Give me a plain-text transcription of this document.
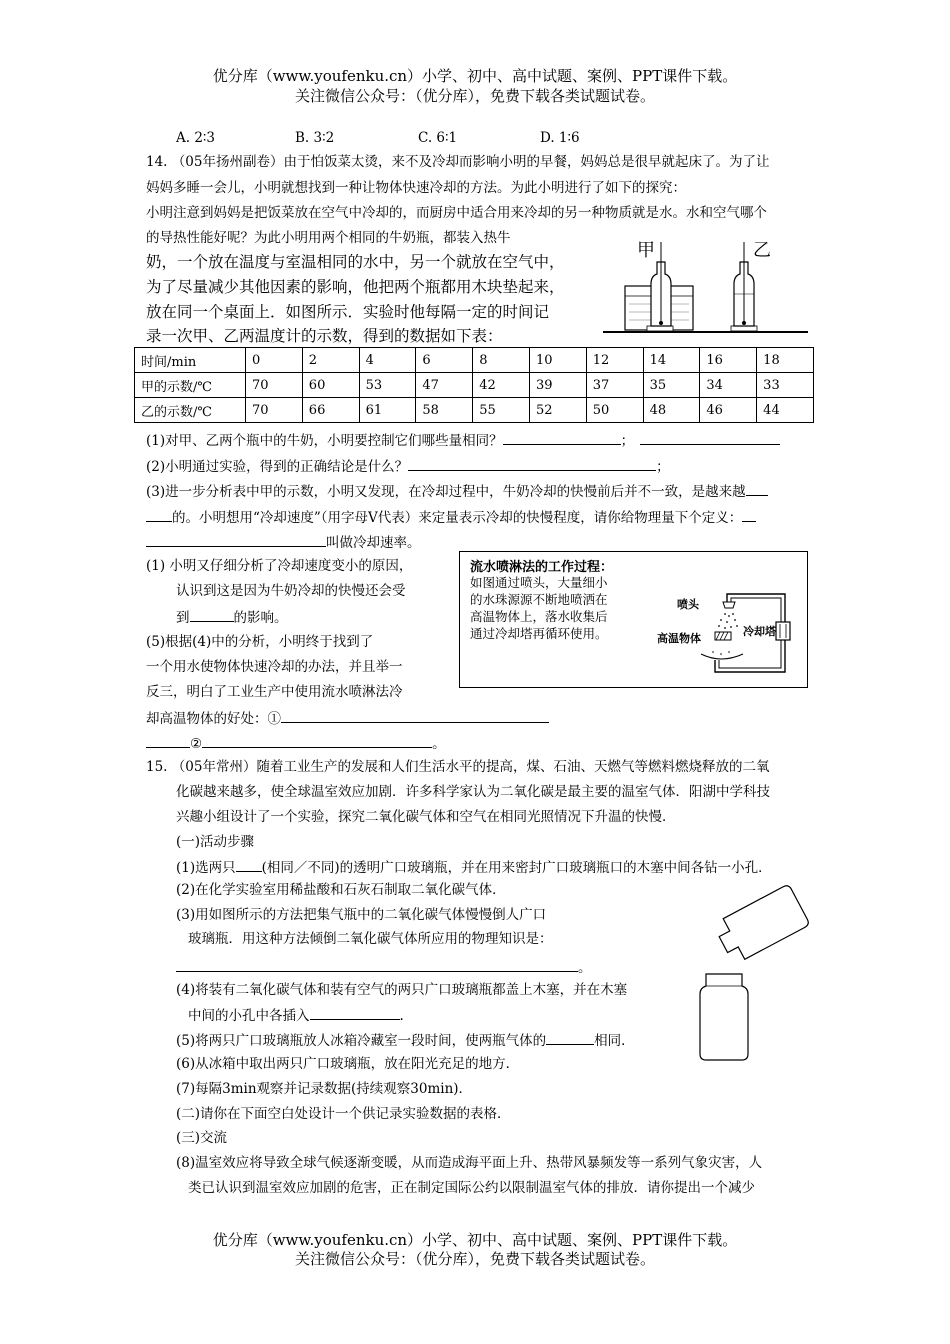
优分库（www.youfenku.cn）小学、初中、高中试题、案例、PPT课件下载。
关注微信公众号：（优分库），免费下载各类试题试卷。
A. 2∶3	B. 3∶2	C. 6∶1	D. 1∶6
14. （05年扬州副卷）由于怕饭菜太烫，来不及冷却而影响小明的早餐，妈妈总是很早就起床了。为了让
妈妈多睡一会儿，小明就想找到一种让物体快速冷却的方法。为此小明进行了如下的探究：
小明注意到妈妈是把饭菜放在空气中冷却的，而厨房中适合用来冷却的另一种物质就是水。水和空气哪个
的导热性能好呢？为此小明用两个相同的牛奶瓶，都装入热牛
奶，一个放在温度与室温相同的水中，另一个就放在空气中，
为了尽量减少其他因素的影响，他把两个瓶都用木块垫起来，
放在同一个桌面上．如图所示．实验时他每隔一定的时间记
录一次甲、乙两温度计的示数，得到的数据如下表：
甲	乙
时间/min	0	2	4	6	8	10	12	14	16	18
甲的示数/℃	70	60	53	47	42	39	37	35	34	33
乙的示数/℃	70	66	61	58	55	52	50	48	46	44
(1)对甲、乙两个瓶中的牛奶，小明要控制它们哪些量相同？	；
(2)小明通过实验，得到的正确结论是什么？	；
(3)进一步分析表中甲的示数，小明又发现，在冷却过程中，牛奶冷却的快慢前后并不一致，是越来越
的。小明想用“冷却速度”（用字母V代表）来定量表示冷却的快慢程度，请你给物理量下个定义：
叫做冷却速率。
(1) 小明又仔细分析了冷却速度变小的原因，
认识到这是因为牛奶冷却的快慢还会受
到	的影响。
(5)根据(4)中的分析，小明终于找到了
一个用水使物体快速冷却的办法，并且举一
反三，明白了工业生产中使用流水喷淋法冷
却高温物体的好处：①
②	。
流水喷淋法的工作过程：
如图通过喷头，大量细小
的水珠源源不断地喷洒在
高温物体上，落水收集后
通过冷却塔再循环使用。
喷头
高温物体
冷却塔
15. （05年常州）随着工业生产的发展和人们生活水平的提高，煤、石油、天燃气等燃料燃烧释放的二氧
化碳越来越多，使全球温室效应加剧．许多科学家认为二氧化碳是最主要的温室气体．阳湖中学科技
兴趣小组设计了一个实验，探究二氧化碳气体和空气在相同光照情况下升温的快慢．
(一)活动步骤
(1)选两只 (相同／不同)的透明广口玻璃瓶，并在用来密封广口玻璃瓶口的木塞中间各钻一小孔．
(2)在化学实验室用稀盐酸和石灰石制取二氧化碳气体．
(3)用如图所示的方法把集气瓶中的二氧化碳气体慢慢倒人广口
玻璃瓶．用这种方法倾倒二氧化碳气体所应用的物理知识是：
。
(4)将装有二氧化碳气体和装有空气的两只广口玻璃瓶都盖上木塞，并在木塞
中间的小孔中各插入	.
(5)将两只广口玻璃瓶放人冰箱冷藏室一段时间，使两瓶气体的	相同．
(6)从冰箱中取出两只广口玻璃瓶，放在阳光充足的地方．
(7)每隔3min观察并记录数据(持续观察30min)．
(二)请你在下面空白处设计一个供记录实验数据的表格．
(三)交流
(8)温室效应将导致全球气候逐渐变暖，从而造成海平面上升、热带风暴频发等一系列气象灾害，人
类已认识到温室效应加剧的危害，正在制定国际公约以限制温室气体的排放．请你提出一个减少
优分库（www.youfenku.cn）小学、初中、高中试题、案例、PPT课件下载。
关注微信公众号：（优分库），免费下载各类试题试卷。
